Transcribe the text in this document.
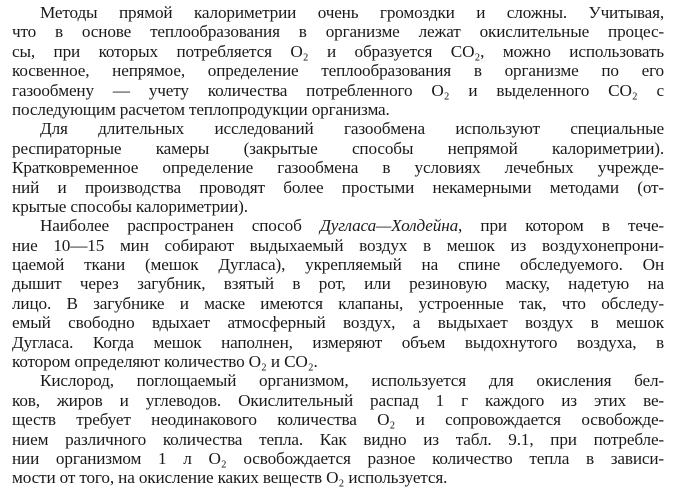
Методы прямой калориметрии очень громоздки и сложны. Учитывая,
что в основе теплообразования в организме лежат окислительные процес-
сы, при которых потребляется O₂ и образуется CO₂, можно использовать
косвенное, непрямое, определение теплообразования в организме по его
газообмену — учету количества потребленного O₂ и выделенного CO₂ с
последующим расчетом теплопродукции организма.
Для длительных исследований газообмена используют специальные
респираторные камеры (закрытые способы непрямой калориметрии).
Кратковременное определение газообмена в условиях лечебных учрежде-
ний и производства проводят более простыми некамерными методами (от-
крытые способы калориметрии).
Наиболее распространен способ Дугласа—Холдейна, при котором в тече-
ние 10—15 мин собирают выдыхаемый воздух в мешок из воздухонепрони-
цаемой ткани (мешок Дугласа), укрепляемый на спине обследуемого. Он
дышит через загубник, взятый в рот, или резиновую маску, надетую на
лицо. В загубнике и маске имеются клапаны, устроенные так, что обследу-
емый свободно вдыхает атмосферный воздух, а выдыхает воздух в мешок
Дугласа. Когда мешок наполнен, измеряют объем выдохнутого воздуха, в
котором определяют количество O₂ и CO₂.
Кислород, поглощаемый организмом, используется для окисления бел-
ков, жиров и углеводов. Окислительный распад 1 г каждого из этих ве-
ществ требует неодинакового количества O₂ и сопровождается освобожде-
нием различного количества тепла. Как видно из табл. 9.1, при потребле-
нии организмом 1 л O₂ освобождается разное количество тепла в зависи-
мости от того, на окисление каких веществ O₂ используется.
